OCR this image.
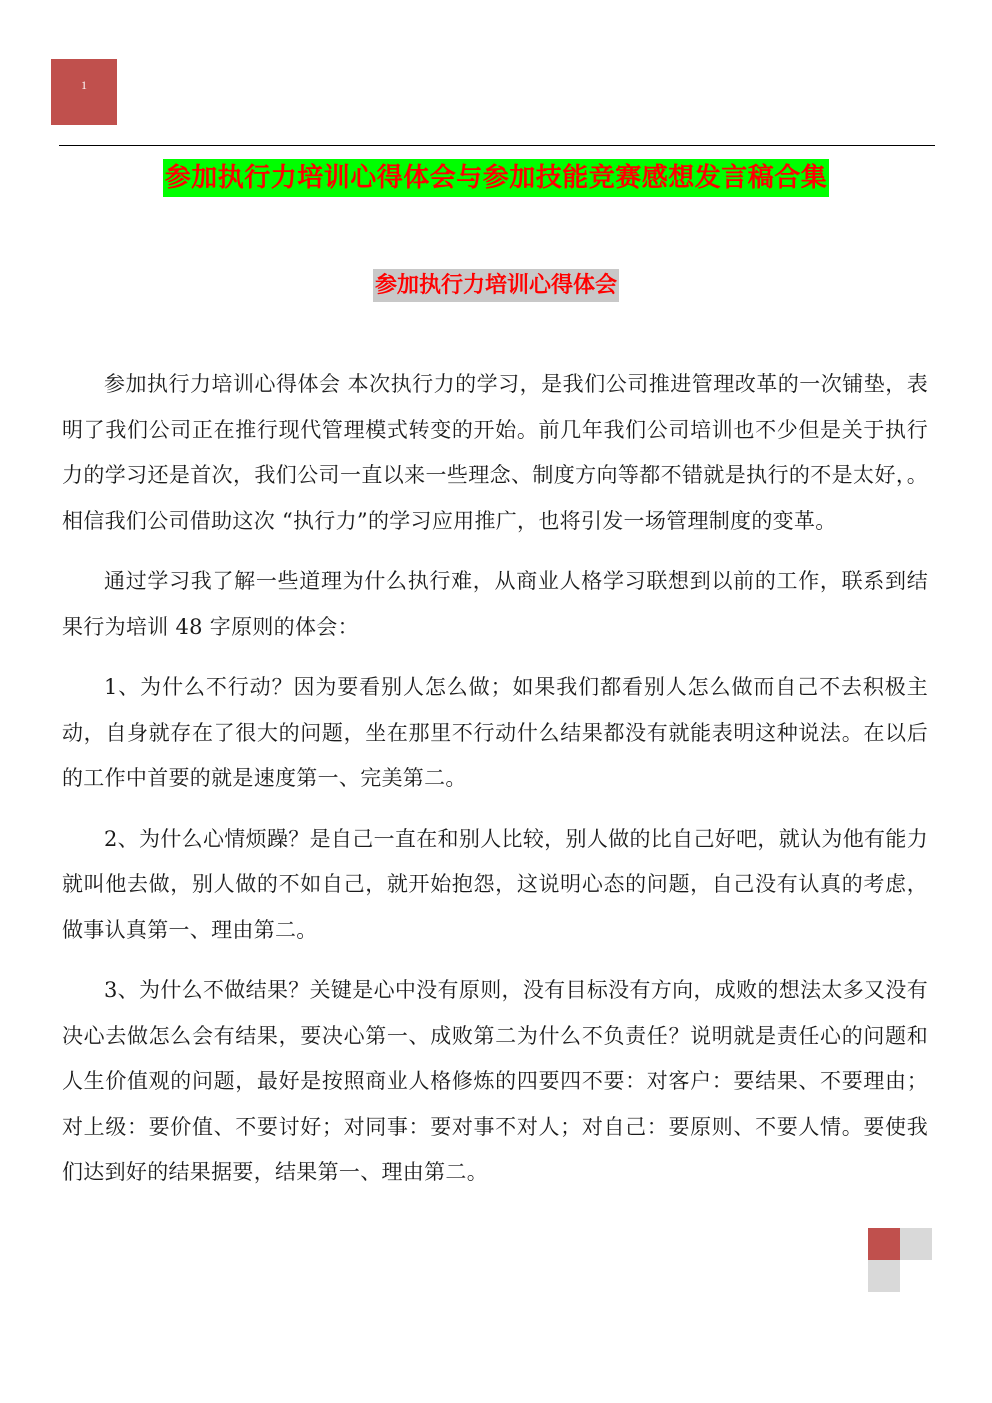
1
参加执行力培训心得体会与参加技能竞赛感想发言稿合集
参加执行力培训心得体会

参加执行力培训心得体会 本次执行力的学习，是我们公司推进管理改革的一次铺垫，表明了我们公司正在推行现代管理模式转变的开始。前几年我们公司培训也不少但是关于执行力的学习还是首次，我们公司一直以来一些理念、制度方向等都不错就是执行的不是太好，。相信我们公司借助这次 “执行力”的学习应用推广，也将引发一场管理制度的变革。

通过学习我了解一些道理为什么执行难，从商业人格学习联想到以前的工作，联系到结果行为培训 48 字原则的体会：

1、为什么不行动？因为要看别人怎么做；如果我们都看别人怎么做而自己不去积极主动，自身就存在了很大的问题，坐在那里不行动什么结果都没有就能表明这种说法。在以后的工作中首要的就是速度第一、完美第二。

2、为什么心情烦躁？是自己一直在和别人比较，别人做的比自己好吧，就认为他有能力就叫他去做，别人做的不如自己，就开始抱怨，这说明心态的问题，自己没有认真的考虑，做事认真第一、理由第二。

3、为什么不做结果？关键是心中没有原则，没有目标没有方向，成败的想法太多又没有决心去做怎么会有结果，要决心第一、成败第二为什么不负责任？说明就是责任心的问题和人生价值观的问题，最好是按照商业人格修炼的四要四不要：对客户：要结果、不要理由；对上级：要价值、不要讨好；对同事：要对事不对人；对自己：要原则、不要人情。要使我们达到好的结果据要，结果第一、理由第二。
